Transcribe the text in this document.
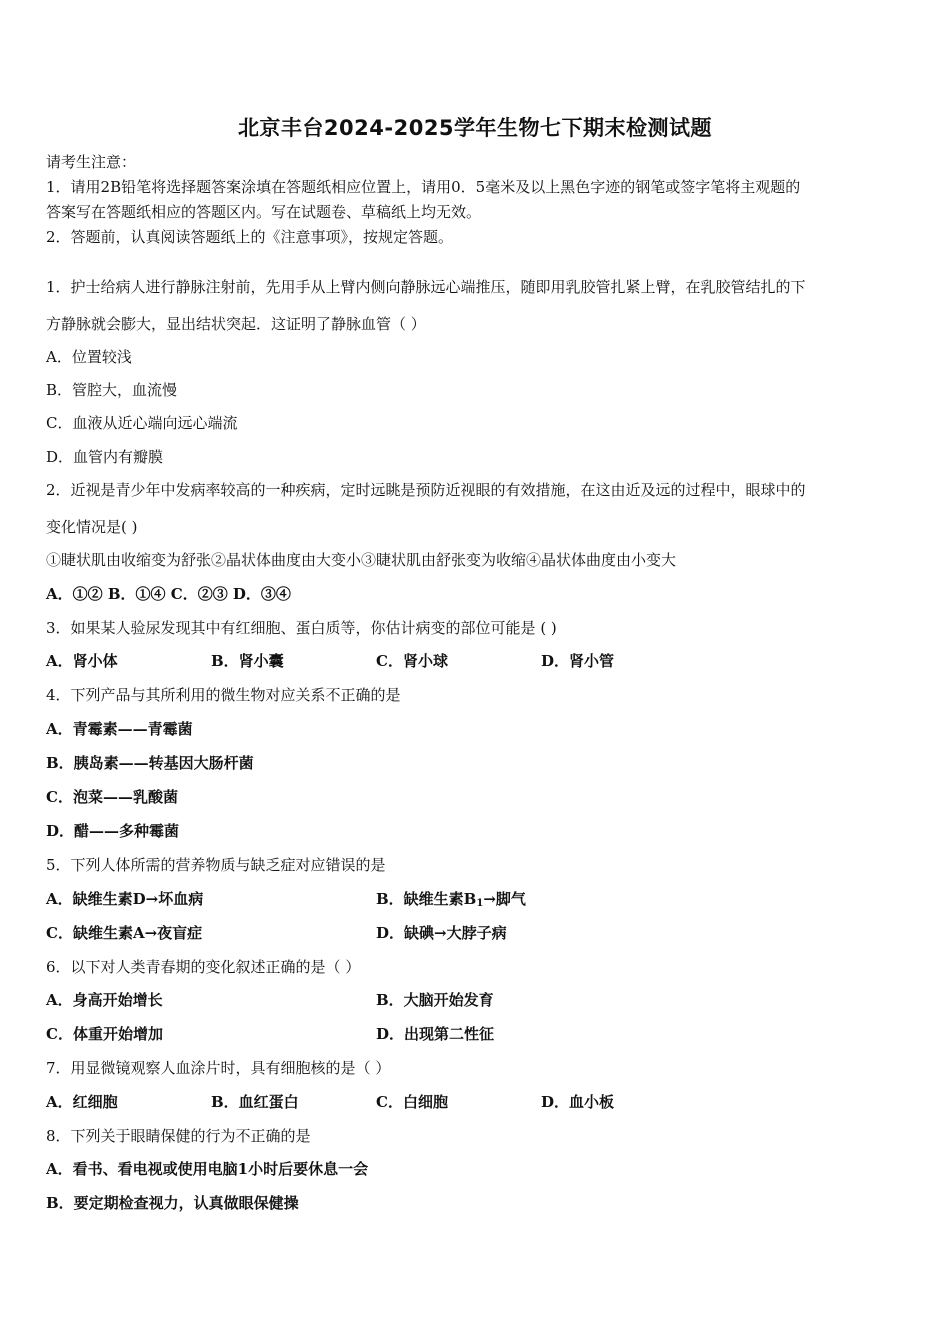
北京丰台2024-2025学年生物七下期末检测试题
请考生注意：
1．请用2B铅笔将选择题答案涂填在答题纸相应位置上，请用0．5毫米及以上黑色字迹的钢笔或签字笔将主观题的
答案写在答题纸相应的答题区内。写在试题卷、草稿纸上均无效。
2．答题前，认真阅读答题纸上的《注意事项》，按规定答题。
1．护士给病人进行静脉注射前，先用手从上臂内侧向静脉远心端推压，随即用乳胶管扎紧上臂，在乳胶管结扎的下
方静脉就会膨大，显出结状突起．这证明了静脉血管（ ）
A．位置较浅
B．管腔大，血流慢
C．血液从近心端向远心端流
D．血管内有瓣膜
2．近视是青少年中发病率较高的一种疾病，定时远眺是预防近视眼的有效措施，在这由近及远的过程中，眼球中的
变化情况是( )
①睫状肌由收缩变为舒张②晶状体曲度由大变小③睫状肌由舒张变为收缩④晶状体曲度由小变大
A．①② B．①④ C．②③ D．③④
3．如果某人验尿发现其中有红细胞、蛋白质等，你估计病变的部位可能是 ( )
A．肾小体	B．肾小囊	C．肾小球	D．肾小管
4．下列产品与其所利用的微生物对应关系不正确的是
A．青霉素——青霉菌
B．胰岛素——转基因大肠杆菌
C．泡菜——乳酸菌
D．醋——多种霉菌
5．下列人体所需的营养物质与缺乏症对应错误的是
A．缺维生素D→坏血病	B．缺维生素$B_1\to$脚气
C．缺维生素A→夜盲症	D．缺碘→大脖子病
6．以下对人类青春期的变化叙述正确的是（ ）
A．身高开始增长	B．大脑开始发育
C．体重开始增加	D．出现第二性征
7．用显微镜观察人血涂片时，具有细胞核的是（ ）
A．红细胞	B．血红蛋白	C．白细胞	D．血小板
8．下列关于眼睛保健的行为不正确的是
A．看书、看电视或使用电脑1小时后要休息一会
B．要定期检查视力，认真做眼保健操
